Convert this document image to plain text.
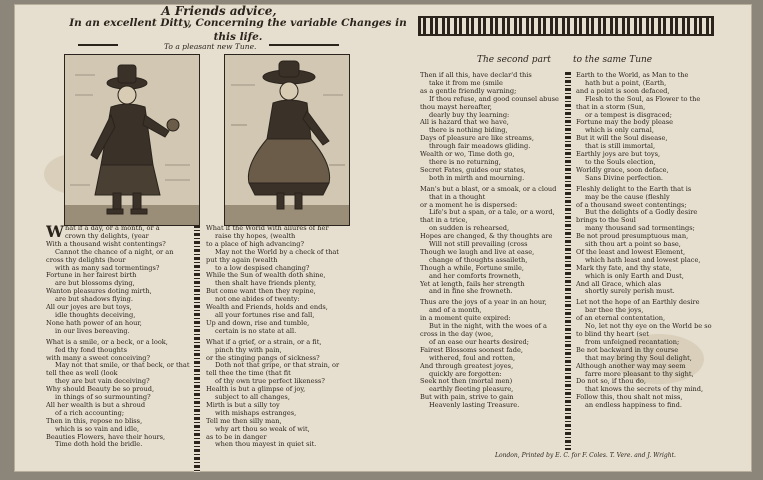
A Friends advice,
In an excellent Ditty, Concerning the variable Changes in this life.
To a pleasant new Tune.
W hat if a day, or a month, or a
crown thy delights, (year
With a thousand wisht contentings?
Cannot the chance of a night, or an
cross thy delights (hour
with as many sad tormentings?
Fortune in her fairest birth
are but blossoms dying,
Wanton pleasures doting mirth,
are but shadows flying.
All our joyes are but toys,
idle thoughts deceiving,
None hath power of an hour,
in our lives bereaving.
What is a smile, or a beck, or a look,
fed thy fond thoughts
with many a sweet conceiving?
May not that smile, or that beck, or that
tell thee as well (look
they are but vain deceiving?
Why should Beauty be so proud,
in things of so surmounting?
All her wealth is but a shroud
of a rich accounting;
Then in this, repose no bliss,
which is so vain and idle,
Beauties Flowers, have their hours,
Time doth hold the bridle.
What if the World with allures of her
raise thy hopes, (wealth
to a place of high advancing?
May not the World by a check of that
put thy again (wealth
to a low despised changing?
While the Sun of wealth doth shine,
then shalt have friends plenty,
But come want then they repine,
not one abides of twenty:
Wealth and Friends, holds and ends,
all your fortunes rise and fall,
Up and down, rise and tumble,
certain is no state at all.
What if a grief, or a strain, or a fit,
pinch thy with pain,
or the stinging pangs of sickness?
Doth not that gripe, or that strain, or
tell thee the time (that fit
of thy own true perfect likeness?
Health is but a glimpse of joy,
subject to all changes,
Mirth is but a silly toy
with mishaps estranges,
Tell me then silly man,
why art thou so weak of wit,
as to be in danger
when thou mayest in quiet sit.
The second part to the same Tune
Then if all this, have declar'd this
take it from me (smile
as a gentle friendly warning;
If thou refuse, and good counsel abuse
thou mayst hereafter,
dearly buy thy learning:
All is hazard that we have,
there is nothing biding,
Days of pleasure are like streams,
through fair meadows gliding.
Wealth or wo, Time doth go,
there is no returning,
Secret Fates, guides our states,
both in mirth and mourning.
Man's but a blast, or a smoak, or a cloud
that in a thought
or a moment he is dispersed:
Life's but a span, or a tale, or a word,
that in a trice,
on sudden is rehearsed,
Hopes are changed, & thy thoughts are
Will not still prevailing (cross
Though we laugh and live at ease,
change of thoughts assaileth,
Though a while, Fortune smile,
and her comforts frowneth,
Yet at length, fails her strength
and in fine she frowneth.
Thus are the joys of a year in an hour,
and of a month,
in a moment quite expired:
But in the night, with the woes of a
cross in the day (woe,
of an ease our hearts desired;
Fairest Blossoms soonest fade,
withered, foul and rotten,
And through greatest joyes,
quickly are forgotten:
Seek not then (mortal men)
earthly fleeting pleasure,
But with pain, strive to gain
Heavenly lasting Treasure.
Earth to the World, as Man to the
hath but a point, (Earth,
and a point is soon defaced,
Flesh to the Soul, as Flower to the
that in a storm (Sun,
or a tempest is disgraced;
Fortune may the body please
which is only carnal,
But it will the Soul disease,
that is still immortal,
Earthly joys are but toys,
to the Souls election,
Worldly grace, soon deface,
Sans Divine perfection.
Fleshly delight to the Earth that is
may be the cause (fleshly
of a thousand sweet contentings;
But the delights of a Godly desire
brings to the Soul
many thousand sad tormentings;
Be not proud presumptuous man,
sith thou art a point so base,
Of the least and lowest Element,
which hath least and lowest place,
Mark thy fate, and thy state,
which is only Earth and Dust,
And all Grace, which alas
shortly surely perish must.
Let not the hope of an Earthly desire
bar thee the joys,
of an eternal contentation,
No, let not thy eye on the World be so
to blind thy heart (set
from unfeigned recantation;
Be not backward in thy course
that may bring thy Soul delight,
Although another way may seem
farre more pleasant to thy sight,
Do not so, if thou do,
that knows the secrets of thy mind,
Follow this, thou shalt not miss,
an endless happiness to find.
London, Printed by E. C. for F. Coles. T. Vere. and J. Wright.
